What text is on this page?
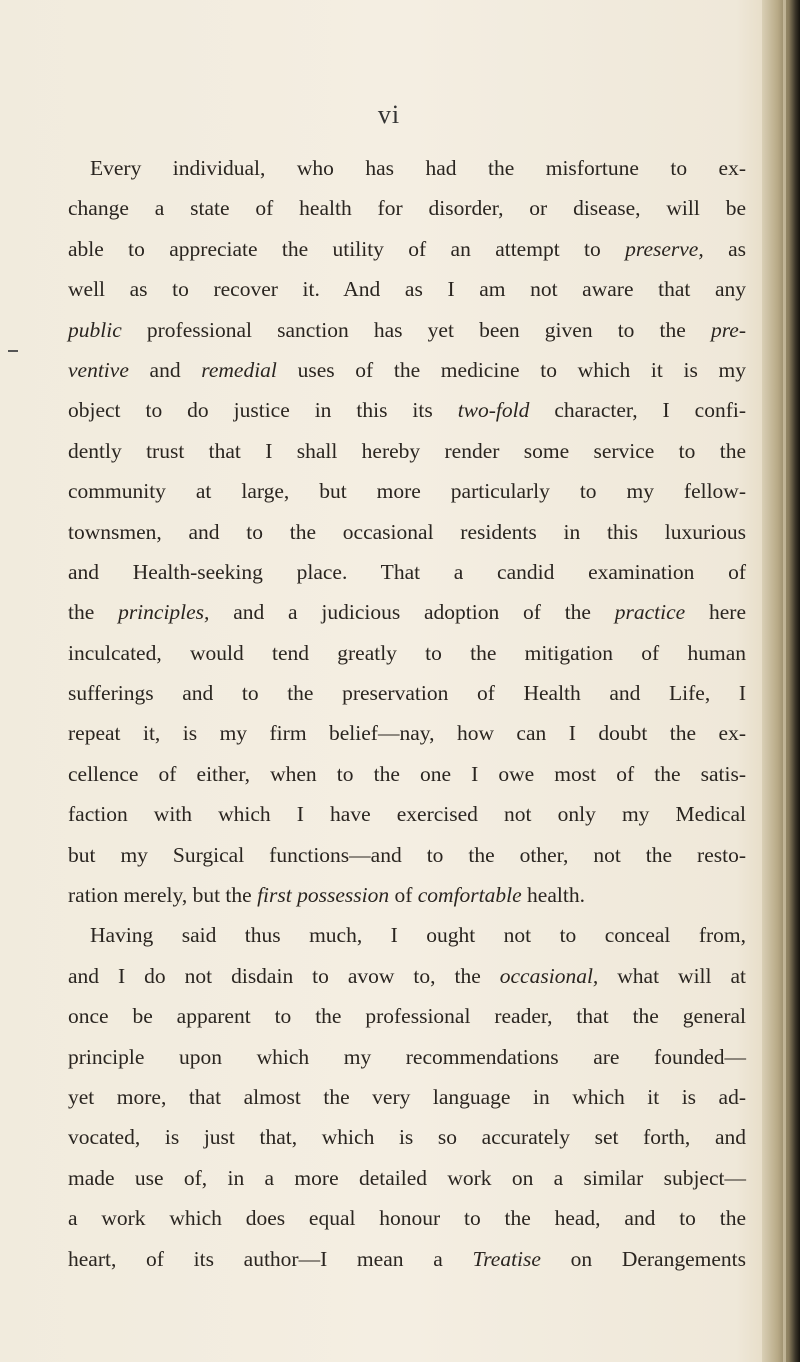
vi
Every individual, who has had the misfortune to ex-
change a state of health for disorder, or disease, will be
able to appreciate the utility of an attempt to preserve, as
well as to recover it. And as I am not aware that any
public professional sanction has yet been given to the pre-
ventive and remedial uses of the medicine to which it is my
object to do justice in this its two-fold character, I confi-
dently trust that I shall hereby render some service to the
community at large, but more particularly to my fellow-
townsmen, and to the occasional residents in this luxurious
and Health-seeking place. That a candid examination of
the principles, and a judicious adoption of the practice here
inculcated, would tend greatly to the mitigation of human
sufferings and to the preservation of Health and Life, I
repeat it, is my firm belief—nay, how can I doubt the ex-
cellence of either, when to the one I owe most of the satis-
faction with which I have exercised not only my Medical
but my Surgical functions—and to the other, not the resto-
ration merely, but the first possession of comfortable health.
Having said thus much, I ought not to conceal from,
and I do not disdain to avow to, the occasional, what will at
once be apparent to the professional reader, that the general
principle upon which my recommendations are founded—
yet more, that almost the very language in which it is ad-
vocated, is just that, which is so accurately set forth, and
made use of, in a more detailed work on a similar subject—
a work which does equal honour to the head, and to the
heart, of its author—I mean a Treatise on Derangements
